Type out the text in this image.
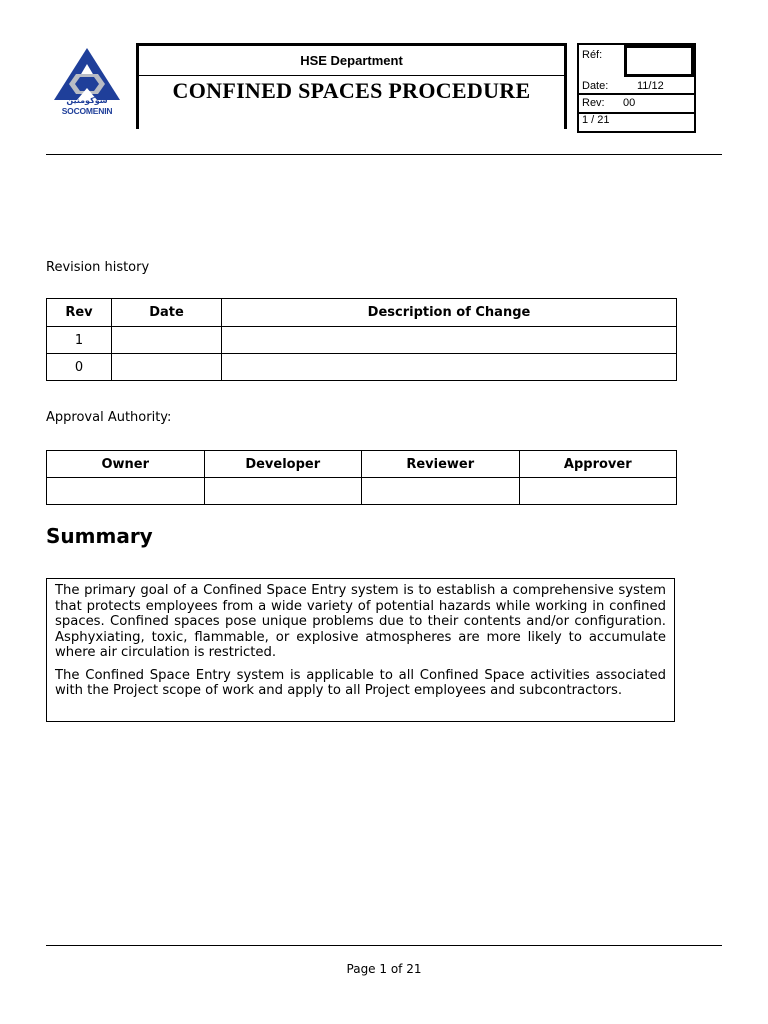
سوكومنين
SOCOMENIN
HSE Department
CONFINED SPACES PROCEDURE
Réf:
Date:	11/12
Rev: 00
1 / 21
Revision history
Rev	Date	Description of Change
1		
0		
Approval Authority:
Owner	Developer	Reviewer	Approver

Summary

The primary goal of a Confined Space Entry system is to establish a comprehensive system that protects employees from a wide variety of potential hazards while working in confined spaces. Confined spaces pose unique problems due to their contents and/or configuration. Asphyxiating, toxic, flammable, or explosive atmospheres are more likely to accumulate where air circulation is restricted.

The Confined Space Entry system is applicable to all Confined Space activities associated with the Project scope of work and apply to all Project employees and subcontractors.

Page 1 of 21
